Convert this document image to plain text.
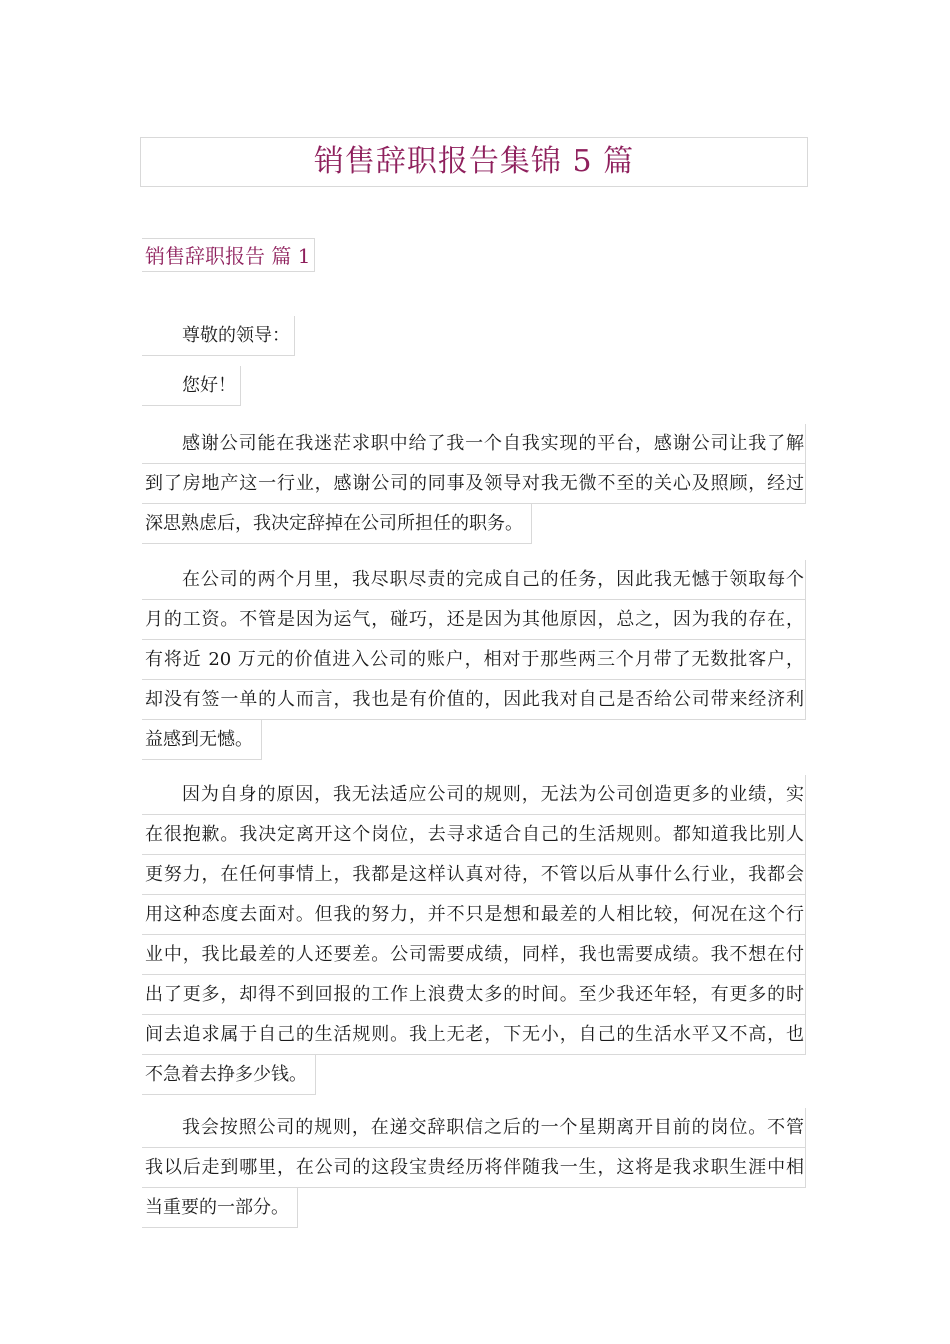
销售辞职报告集锦 5 篇
销售辞职报告 篇 1
尊敬的领导：
您好！
感谢公司能在我迷茫求职中给了我一个自我实现的平台，感谢公司让我了解
到了房地产这一行业，感谢公司的同事及领导对我无微不至的关心及照顾，经过
深思熟虑后，我决定辞掉在公司所担任的职务。
在公司的两个月里，我尽职尽责的完成自己的任务，因此我无憾于领取每个
月的工资。不管是因为运气，碰巧，还是因为其他原因，总之，因为我的存在，
有将近 20 万元的价值进入公司的账户，相对于那些两三个月带了无数批客户，
却没有签一单的人而言，我也是有价值的，因此我对自己是否给公司带来经济利
益感到无憾。
因为自身的原因，我无法适应公司的规则，无法为公司创造更多的业绩，实
在很抱歉。我决定离开这个岗位，去寻求适合自己的生活规则。都知道我比别人
更努力，在任何事情上，我都是这样认真对待，不管以后从事什么行业，我都会
用这种态度去面对。但我的努力，并不只是想和最差的人相比较，何况在这个行
业中，我比最差的人还要差。公司需要成绩，同样，我也需要成绩。我不想在付
出了更多，却得不到回报的工作上浪费太多的时间。至少我还年轻，有更多的时
间去追求属于自己的生活规则。我上无老，下无小，自己的生活水平又不高，也
不急着去挣多少钱。
我会按照公司的规则，在递交辞职信之后的一个星期离开目前的岗位。不管
我以后走到哪里，在公司的这段宝贵经历将伴随我一生，这将是我求职生涯中相
当重要的一部分。
